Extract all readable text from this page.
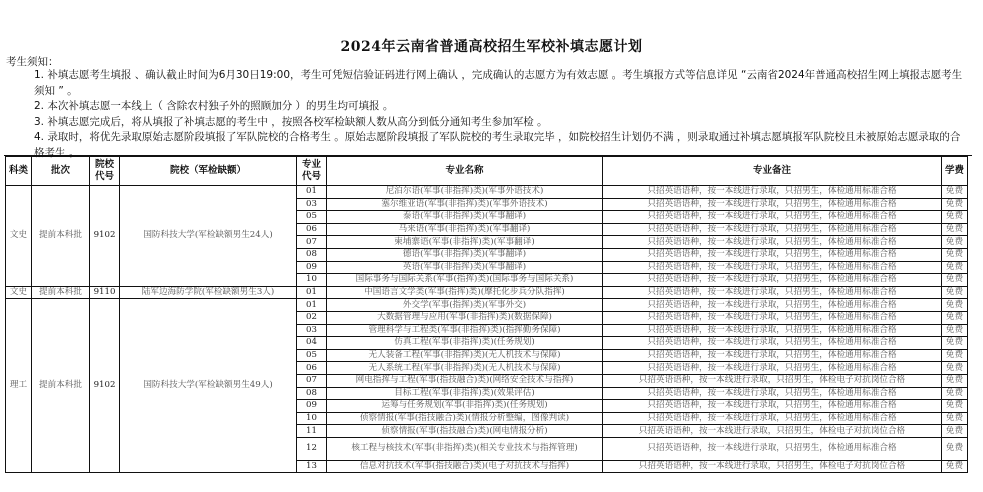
2024年云南省普通高校招生军校补填志愿计划
考生须知：

1. 补填志愿考生填报 、确认截止时间为6月30日19:00，考生可凭短信验证码进行网上确认 ，完成确认的志愿方为有效志愿 。考生填报方式等信息详见 “云南省2024年普通高校招生网上填报志愿考生须知 ” 。

2. 本次补填志愿一本线上（ 含除农村独子外的照顾加分 ）的男生均可填报 。

3. 补填志愿完成后，将从填报了补填志愿的考生中 ，按照各校军检缺额人数从高分到低分通知考生参加军检 。

4. 录取时，将优先录取原始志愿阶段填报了军队院校的合格考生 。原始志愿阶段填报了军队院校的考生录取完毕 ，如院校招生计划仍不满 ，则录取通过补填志愿填报军队院校且未被原始志愿录取的合格考生 。

科类	批次	院校代号	院校（军检缺额）	专业代号	专业名称	专业备注	学费
文史	提前本科批	9102	国防科技大学(军检缺额男生24人)	01	尼泊尔语(军事(非指挥)类)(军事外语技术)	只招英语语种，按一本线进行录取，只招男生，体检通用标准合格	免费
				03	塞尔维亚语(军事(非指挥)类)(军事外语技术)	只招英语语种，按一本线进行录取，只招男生，体检通用标准合格	免费
				05	泰语(军事(非指挥)类)(军事翻译)	只招英语语种，按一本线进行录取，只招男生，体检通用标准合格	免费
				06	马来语(军事(非指挥)类)(军事翻译)	只招英语语种，按一本线进行录取，只招男生，体检通用标准合格	免费
				07	柬埔寨语(军事(非指挥)类)(军事翻译)	只招英语语种，按一本线进行录取，只招男生，体检通用标准合格	免费
				08	德语(军事(非指挥)类)(军事翻译)	只招英语语种，按一本线进行录取，只招男生，体检通用标准合格	免费
				09	英语(军事(非指挥)类)(军事翻译)	只招英语语种，按一本线进行录取，只招男生，体检通用标准合格	免费
				10	国际事务与国际关系(军事(指挥)类)(国际事务与国际关系)	只招英语语种，按一本线进行录取，只招男生，体检通用标准合格	免费
文史	提前本科批	9110	陆军边海防学院(军检缺额男生3人)	01	中国语言文学类(军事(指挥)类)(摩托化步兵分队指挥)	只招英语语种，按一本线进行录取，只招男生，体检通用标准合格	免费
理工	提前本科批	9102	国防科技大学(军检缺额男生49人)	01	外交学(军事(指挥)类)(军事外交)	只招英语语种，按一本线进行录取，只招男生，体检通用标准合格	免费
				02	大数据管理与应用(军事(非指挥)类)(数据保障)	只招英语语种，按一本线进行录取，只招男生，体检通用标准合格	免费
				03	管理科学与工程类(军事(非指挥)类)(指挥勤务保障)	只招英语语种，按一本线进行录取，只招男生，体检通用标准合格	免费
				04	仿真工程(军事(非指挥)类)(任务规划)	只招英语语种，按一本线进行录取，只招男生，体检通用标准合格	免费
				05	无人装备工程(军事(非指挥)类)(无人机技术与保障)	只招英语语种，按一本线进行录取，只招男生，体检通用标准合格	免费
				06	无人系统工程(军事(非指挥)类)(无人机技术与保障)	只招英语语种，按一本线进行录取，只招男生，体检通用标准合格	免费
				07	网电指挥与工程(军事(指技融合)类)(网络安全技术与指挥)	只招英语语种，按一本线进行录取，只招男生，体检电子对抗岗位合格	免费
				08	目标工程(军事(非指挥)类)(效果评估)	只招英语语种，按一本线进行录取，只招男生，体检通用标准合格	免费
				09	运筹与任务规划(军事(非指挥)类)(任务规划)	只招英语语种，按一本线进行录取，只招男生，体检通用标准合格	免费
				10	侦察情报(军事(指技融合)类)(情报分析整编，图像判读)	只招英语语种，按一本线进行录取，只招男生，体检通用标准合格	免费
				11	侦察情报(军事(指技融合)类)(网电情报分析)	只招英语语种，按一本线进行录取，只招男生，体检电子对抗岗位合格	免费
				12	核工程与核技术(军事(非指挥)类)(相关专业技术与指挥管理)	只招英语语种，按一本线进行录取，只招男生，体检通用标准合格	免费
				13	信息对抗技术(军事(指技融合)类)(电子对抗技术与指挥)	只招英语语种，按一本线进行录取，只招男生，体检电子对抗岗位合格	免费
